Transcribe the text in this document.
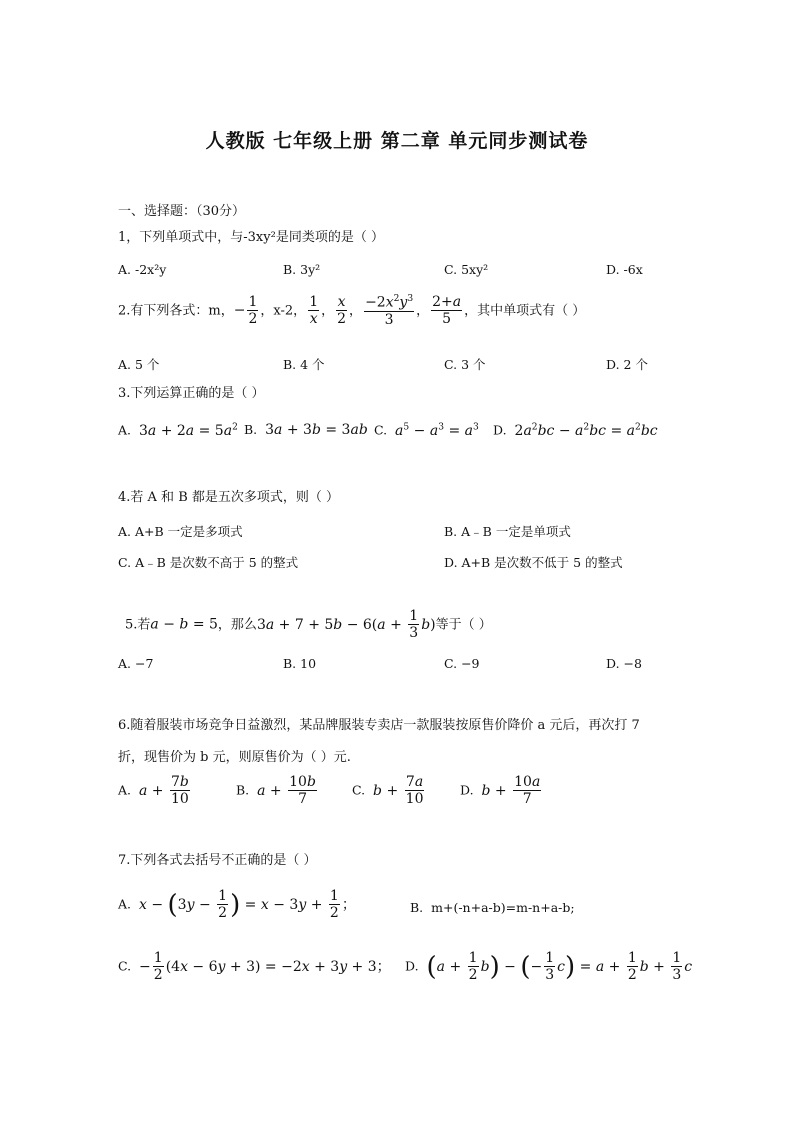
人教版 七年级上册 第二章 单元同步测试卷
一、选择题：（30分）
1，下列单项式中，与-3xy²是同类项的是（ ）
A. -2x²y	B. 3y²	C. 5xy²	D. -6x
2.有下列各式：m，− $\frac{1}{2}$ ，x-2， $\frac{1}{x}$ ， $\frac{x}{2}$ ， $\frac{-2x^2y^3}{3}$ ， $\frac{2+a}{5}$ ，其中单项式有（ ）
A. 5 个	B. 4 个	C. 3 个	D. 2 个
3.下列运算正确的是（ ）
A. $3a + 2a = 5a^2$ B. 3a + 3b = 3ab C. $a^5 - a^3 = a^3$ D. $2a^2bc - a^2bc = a^2bc$
4.若 A 和 B 都是五次多项式，则（ ）
A. A+B 一定是多项式	B. A﹣B 一定是单项式
C. A﹣B 是次数不高于 5 的整式	D. A+B 是次数不低于 5 的整式
5.若a − b = 5，那么$3a + 7 + 5b - 6(a + \frac{1}{3} b)$等于（ ）
A. −7	B. 10	C. −9	D. −8
6.随着服装市场竞争日益激烈，某品牌服装专卖店一款服装按原售价降价 a 元后，再次打 7
折，现售价为 b 元，则原售价为（ ）元.
A. $a + \frac{7b}{10}$	B. $a + \frac{10b}{7}$	C. $b + \frac{7a}{10}$	D. $b + \frac{10a}{7}$
7.下列各式去括号不正确的是（ ）
A. $x - (3y - \frac{1}{2}$ ) = $x - 3y + \frac{1}{2}$ ；	B. m+(-n+a-b)=m-n+a-b;
C. − $\frac{1}{2} (4x - 6y + 3) = -2x + 3y + 3$； D. $(a + \frac{1}{2} b)$ − (− $\frac{1}{3} c) = a + \frac{1}{2}$ $b + \frac{1}{3}$ c
